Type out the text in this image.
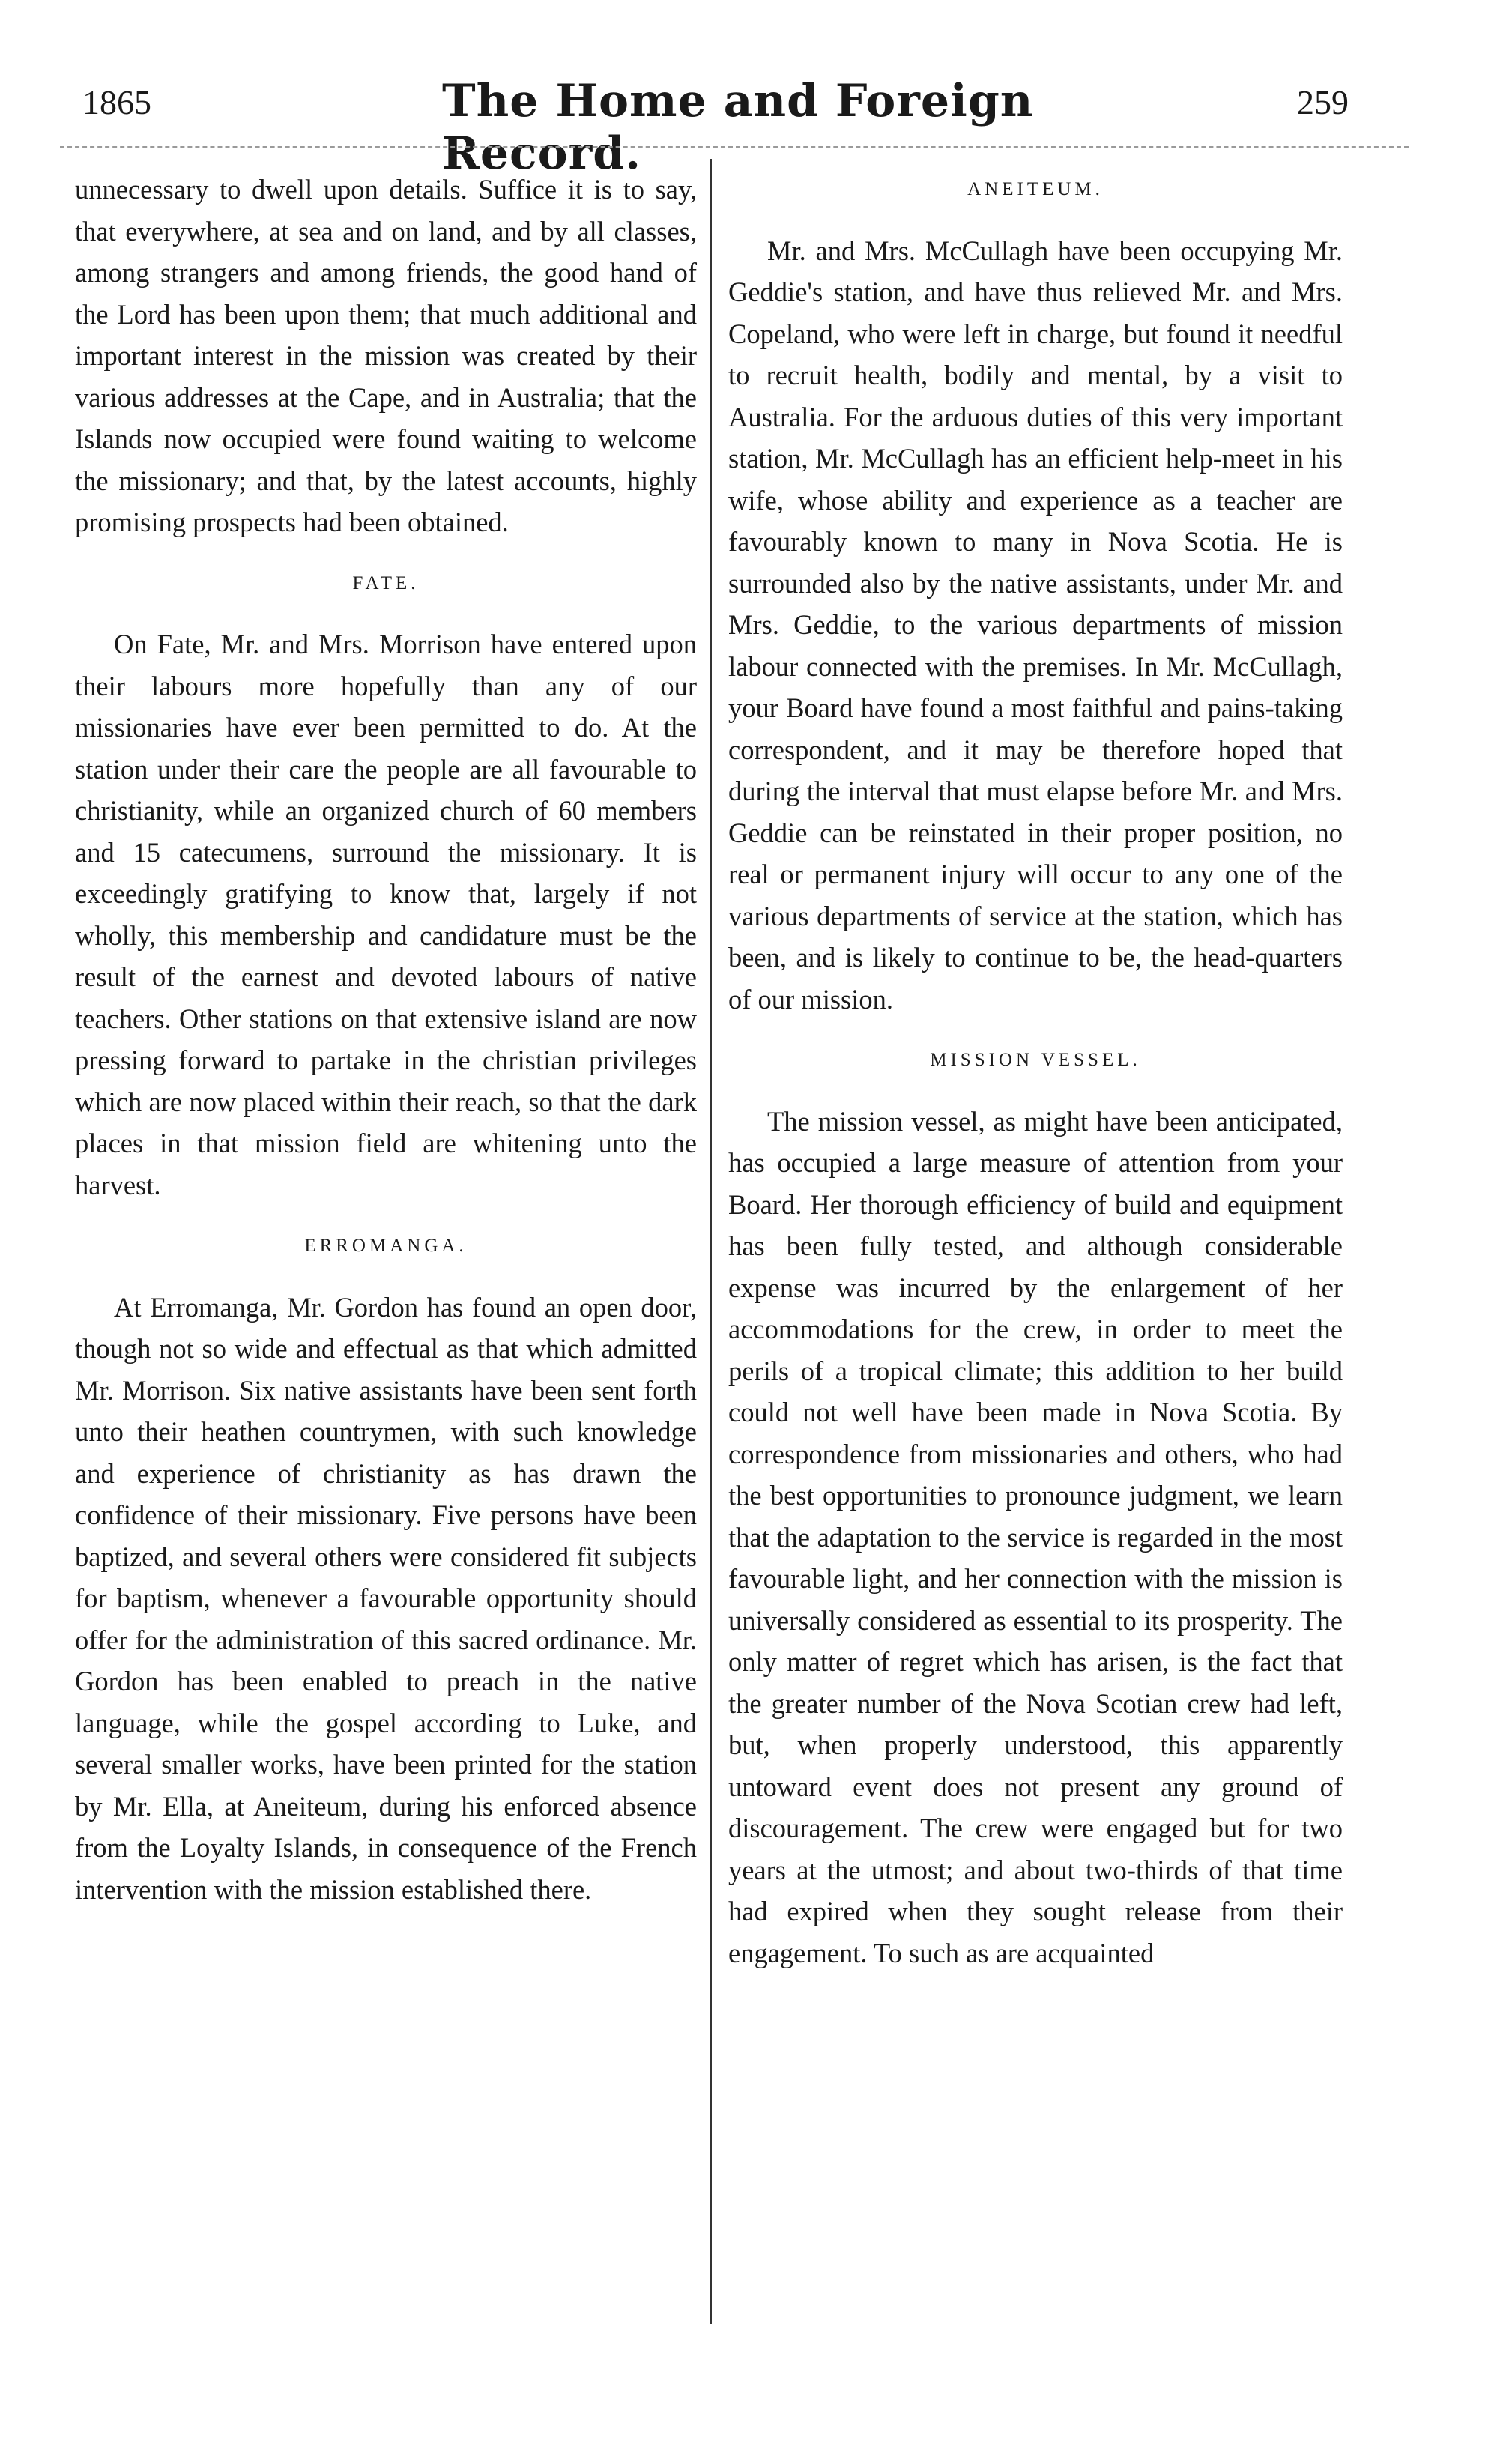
1865	The Home and Foreign Record.
259

unnecessary to dwell upon details. Suffice it is to say, that everywhere, at sea and on land, and by all classes, among strangers and among friends, the good hand of the Lord has been upon them; that much additional and important interest in the mission was created by their various addresses at the Cape, and in Australia; that the Islands now occupied were found waiting to welcome the missionary; and that, by the latest accounts, highly promising prospects had been obtained.

FATE.

On Fate, Mr. and Mrs. Morrison have entered upon their labours more hopefully than any of our missionaries have ever been permitted to do. At the station under their care the people are all favourable to christianity, while an organized church of 60 members and 15 catecumens, surround the missionary. It is exceedingly gratifying to know that, largely if not wholly, this membership and candidature must be the result of the earnest and devoted labours of native teachers. Other stations on that extensive island are now pressing forward to partake in the christian privileges which are now placed within their reach, so that the dark places in that mission field are whitening unto the harvest.

ERROMANGA.

At Erromanga, Mr. Gordon has found an open door, though not so wide and effectual as that which admitted Mr. Morrison. Six native assistants have been sent forth unto their heathen countrymen, with such knowledge and experience of christianity as has drawn the confidence of their missionary. Five persons have been baptized, and several others were considered fit subjects for baptism, whenever a favourable opportunity should offer for the administration of this sacred ordinance. Mr. Gordon has been enabled to preach in the native language, while the gospel according to Luke, and several smaller works, have been printed for the station by Mr. Ella, at Aneiteum, during his enforced absence from the Loyalty Islands, in consequence of the French intervention with the mission established there.

ANEITEUM.

Mr. and Mrs. McCullagh have been occupying Mr. Geddie's station, and have thus relieved Mr. and Mrs. Copeland, who were left in charge, but found it needful to recruit health, bodily and mental, by a visit to Australia. For the arduous duties of this very important station, Mr. McCullagh has an efficient help-meet in his wife, whose ability and experience as a teacher are favourably known to many in Nova Scotia. He is surrounded also by the native assistants, under Mr. and Mrs. Geddie, to the various departments of mission labour connected with the premises. In Mr. McCullagh, your Board have found a most faithful and pains-taking correspondent, and it may be therefore hoped that during the interval that must elapse before Mr. and Mrs. Geddie can be reinstated in their proper position, no real or permanent injury will occur to any one of the various departments of service at the station, which has been, and is likely to continue to be, the head-quarters of our mission.

MISSION VESSEL.

The mission vessel, as might have been anticipated, has occupied a large measure of attention from your Board. Her thorough efficiency of build and equipment has been fully tested, and although considerable expense was incurred by the enlargement of her accommodations for the crew, in order to meet the perils of a tropical climate; this addition to her build could not well have been made in Nova Scotia. By correspondence from missionaries and others, who had the best opportunities to pronounce judgment, we learn that the adaptation to the service is regarded in the most favourable light, and her connection with the mission is universally considered as essential to its prosperity. The only matter of regret which has arisen, is the fact that the greater number of the Nova Scotian crew had left, but, when properly understood, this apparently untoward event does not present any ground of discouragement. The crew were engaged but for two years at the utmost; and about two-thirds of that time had expired when they sought release from their engagement. To such as are acquainted
